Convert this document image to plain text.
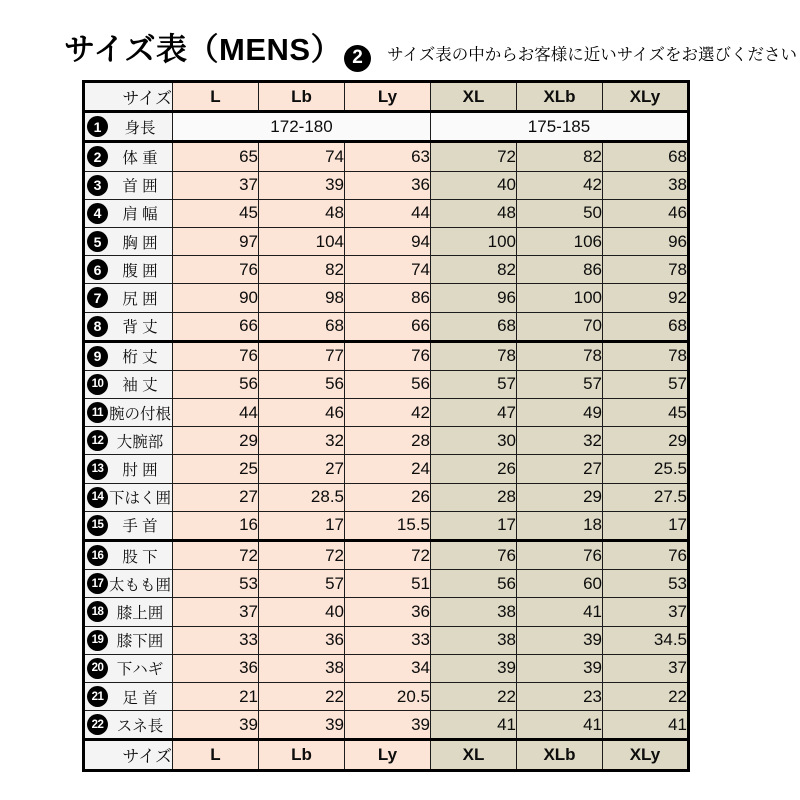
サイズ表（MENS） 2	サイズ表の中からお客様に近いサイズをお選びください
サイズ	L	Lb	Ly	XL	XLb	XLy

1 身長	172-180			175-185		

2 体 重	65	74	63	72	82	68

3 首 囲	37	39	36	40	42	38

4 肩 幅	45	48	44	48	50	46

5 胸 囲	97	104	94	100	106	96

6 腹 囲	76	82	74	82	86	78

7 尻 囲	90	98	86	96	100	92

8 背 丈	66	68	66	68	70	68

9 桁 丈	76	77	76	78	78	78

10 袖 丈	56	56	56	57	57	57

11 腕の付根	44	46	42	47	49	45

12 大腕部	29	32	28	30	32	29

13 肘 囲	25	27	24	26	27	25.5

14 下はく囲	27	28.5	26	28	29	27.5

15 手 首	16	17	15.5	17	18	17

16 股 下	72	72	72	76	76	76

17 太もも囲	53	57	51	56	60	53

18 膝上囲	37	40	36	38	41	37

19 膝下囲	33	36	33	38	39	34.5

20 下ハギ	36	38	34	39	39	37

21 足 首	21	22	20.5	22	23	22

22 スネ長	39	39	39	41	41	41
サイズ	L	Lb	Ly	XL	XLb	XLy
